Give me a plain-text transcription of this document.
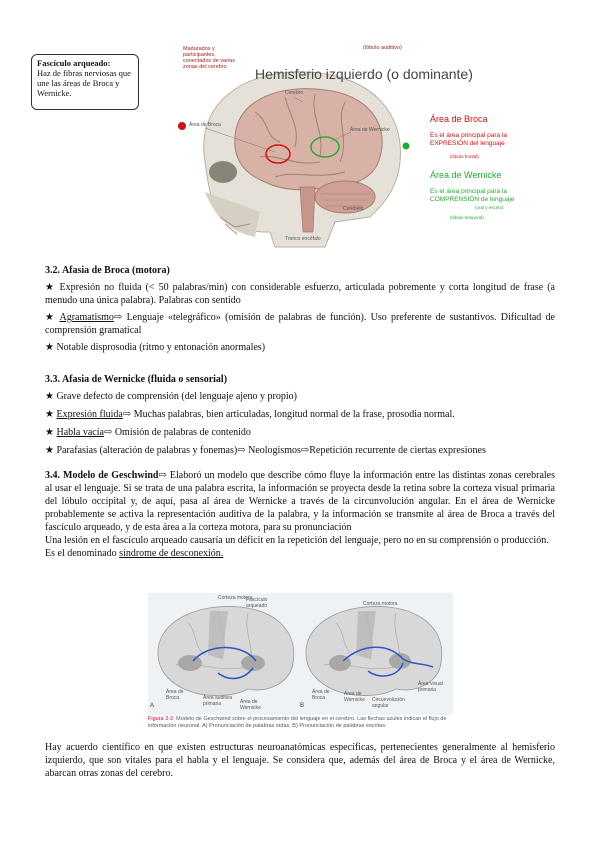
Fascículo arqueado:
Haz de fibras nerviosas que une las áreas de Broca y Wernicke.
Madurados y participantes, conectados de varias zonas del cerebro
(lóbulo auditivo)
Cerebro
Área de Broca
Área de Wernicke
Cerebelo
Tronco encéfalo
Hemisferio izquierdo (o dominante)
Área de Broca
Es el área principal para la EXPRESIÓN del lenguaje
(lóbulo frontal)
Área de Wernicke
Es el área principal para la COMPRENSIÓN de lenguaje
(oral y escrito)
(lóbulo temporal)

3.2. Afasia de Broca (motora)

★ Expresión no fluida (< 50 palabras/min) con considerable esfuerzo, articulada pobremente y corta longitud de frase (a menudo una única palabra). Palabras con sentido

★ Agramatismo⇨ Lenguaje «telegráfico» (omisión de palabras de función). Uso preferente de sustantivos. Dificultad de comprensión gramatical

★ Notable disprosodia (ritmo y entonación anormales)

3.3. Afasia de Wernicke (fluida o sensorial)

★ Grave defecto de comprensión (del lenguaje ajeno y propio)

★ Expresión fluida⇨ Muchas palabras, bien articuladas, longitud normal de la frase, prosodia normal.

★ Habla vacía⇨ Omisión de palabras de contenido

★ Parafasias (alteración de palabras y fonemas)⇨ Neologismos⇨Repetición recurrente de ciertas expresiones

3.4. Modelo de Geschwind⇨ Elaboró un modelo que describe cómo fluye la información entre las distintas zonas cerebrales al usar el lenguaje. Si se trata de una palabra escrita, la información se proyecta desde la retina sobre la corteza visual primaria del lóbulo occipital y, de aquí, pasa al área de Wernicke a través de la circunvolución angular. En el área de Wernicke probablemente se activa la representación auditiva de la palabra, y la información se transmite al área de Broca a través del fascículo arqueado, y de esta área a la corteza motora, para su pronunciación

Una lesión en el fascículo arqueado causaría un déficit en la repetición del lenguaje, pero no en su comprensión o producción. Es el denominado síndrome de desconexión.

A
Corteza motora
Fascículo arqueado
Área de Broca	Área auditiva primaria	Área de Wernicke	B
Corteza motora
Área de Broca
Área de Wernicke	Circunvolución angular
Área visual primaria
Figura 3-2. Modelo de Geschwind sobre el procesamiento del lenguaje en el cerebro. Las flechas azules indican el flujo de información neuronal. A) Pronunciación de palabras oídas. B) Pronunciación de palabras escritas.
Hay acuerdo científico en que existen estructuras neuroanatómicas específicas, pertenecientes generalmente al hemisferio izquierdo, que son vitales para el habla y el lenguaje. Se considera que, además del área de Broca y el área de Wernicke, abarcan otras zonas del cerebro.
